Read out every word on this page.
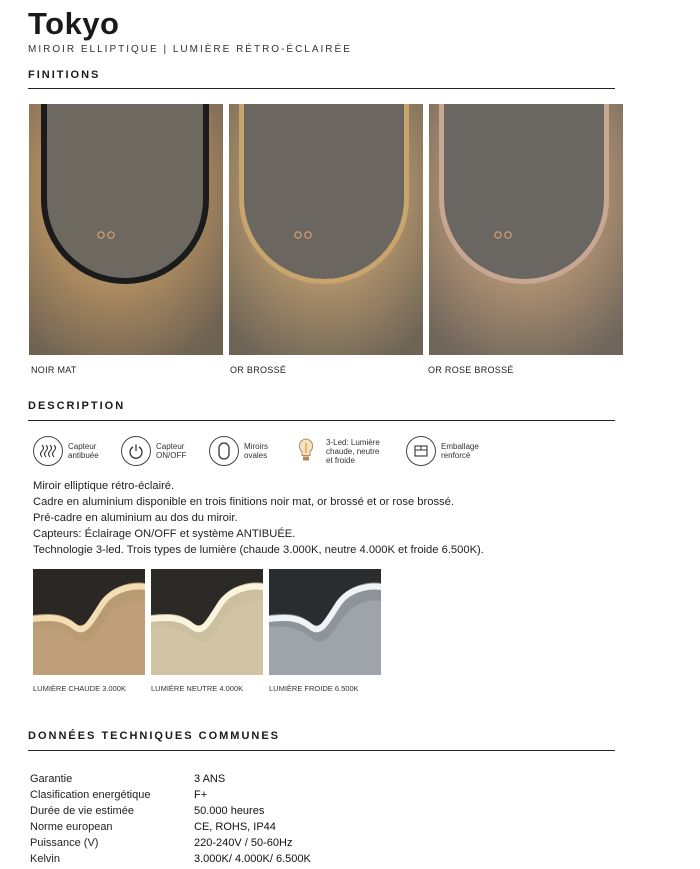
Tokyo
MIROIR ELLIPTIQUE | LUMIÈRE RÉTRO-ÉCLAIRÉE
FINITIONS
NOIR MAT	OR BROSSÉ	OR ROSE BROSSÉ
DESCRIPTION
Capteur
antibuée
Capteur
ON/OFF
Miroirs
ovales
3-Led: Lumière
chaude, neutre
et froide
Emballage
renforcé
Miroir elliptique rétro-éclairé.
Cadre en aluminium disponible en trois finitions noir mat, or brossé et or rose brossé.
Pré-cadre en aluminium au dos du miroir.
Capteurs: Éclairage ON/OFF et système ANTIBUÉE.
Technologie 3-led. Trois types de lumière (chaude 3.000K, neutre 4.000K et froide 6.500K).
LUMIÈRE CHAUDE 3.000K	LUMIÈRE NEUTRE 4.000K	LUMIÈRE FROIDE 6.500K
DONNÉES TECHNIQUES COMMUNES
Garantie	3 ANS
Clasification energétique	F+
Durée de vie estimée	50.000 heures
Norme european	CE, ROHS, IP44
Puissance (V)	220-240V / 50-60Hz
Kelvin	3.000K/ 4.000K/ 6.500K
